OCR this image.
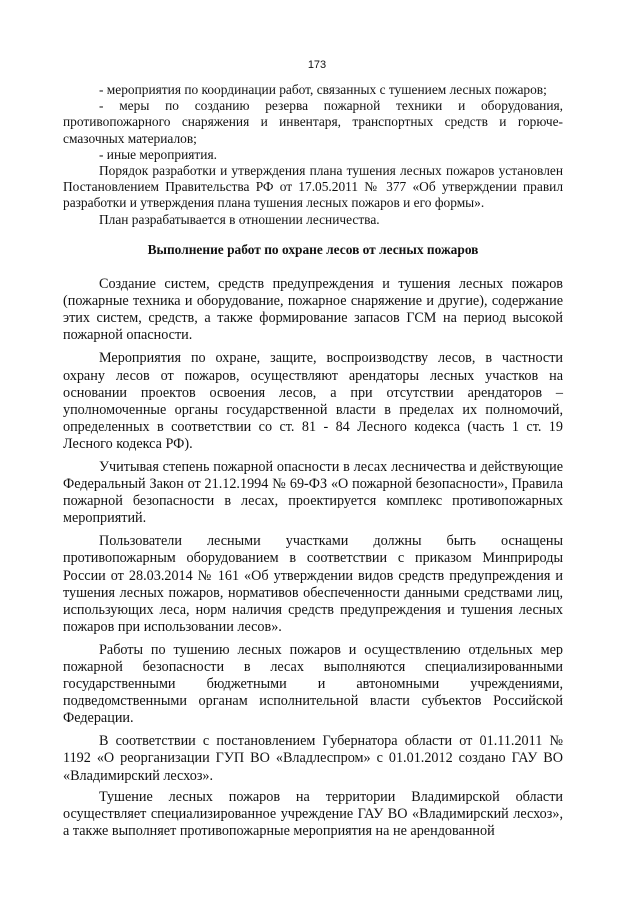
173

- мероприятия по координации работ, связанных с тушением лесных пожаров;

- меры по созданию резерва пожарной техники и оборудования, противопожарного снаряжения и инвентаря, транспортных средств и горюче-смазочных материалов;

- иные мероприятия.

Порядок разработки и утверждения плана тушения лесных пожаров установлен Постановлением Правительства РФ от 17.05.2011 № 377 «Об утверждении правил разработки и утверждения плана тушения лесных пожаров и его формы».

План разрабатывается в отношении лесничества.

Выполнение работ по охране лесов от лесных пожаров

Создание систем, средств предупреждения и тушения лесных пожаров (пожарные техника и оборудование, пожарное снаряжение и другие), содержание этих систем, средств, а также формирование запасов ГСМ на период высокой пожарной опасности.

Мероприятия по охране, защите, воспроизводству лесов, в частности охрану лесов от пожаров, осуществляют арендаторы лесных участков на основании проектов освоения лесов, а при отсутствии арендаторов – уполномоченные органы государственной власти в пределах их полномочий, определенных в соответствии со ст. 81 - 84 Лесного кодекса (часть 1 ст. 19 Лесного кодекса РФ).

Учитывая степень пожарной опасности в лесах лесничества и действующие Федеральный Закон от 21.12.1994 № 69-ФЗ «О пожарной безопасности», Правила пожарной безопасности в лесах, проектируется комплекс противопожарных мероприятий.

Пользователи лесными участками должны быть оснащены противопожарным оборудованием в соответствии с приказом Минприроды России от 28.03.2014 № 161 «Об утверждении видов средств предупреждения и тушения лесных пожаров, нормативов обеспеченности данными средствами лиц, использующих леса, норм наличия средств предупреждения и тушения лесных пожаров при использовании лесов».

Работы по тушению лесных пожаров и осуществлению отдельных мер пожарной безопасности в лесах выполняются специализированными государственными бюджетными и автономными учреждениями, подведомственными органам исполнительной власти субъектов Российской Федерации.

В соответствии с постановлением Губернатора области от 01.11.2011 № 1192 «О реорганизации ГУП ВО «Владлеспром» с 01.01.2012 создано ГАУ ВО «Владимирский лесхоз».

Тушение лесных пожаров на территории Владимирской области осуществляет специализированное учреждение ГАУ ВО «Владимирский лесхоз», а также выполняет противопожарные мероприятия на не арендованной
